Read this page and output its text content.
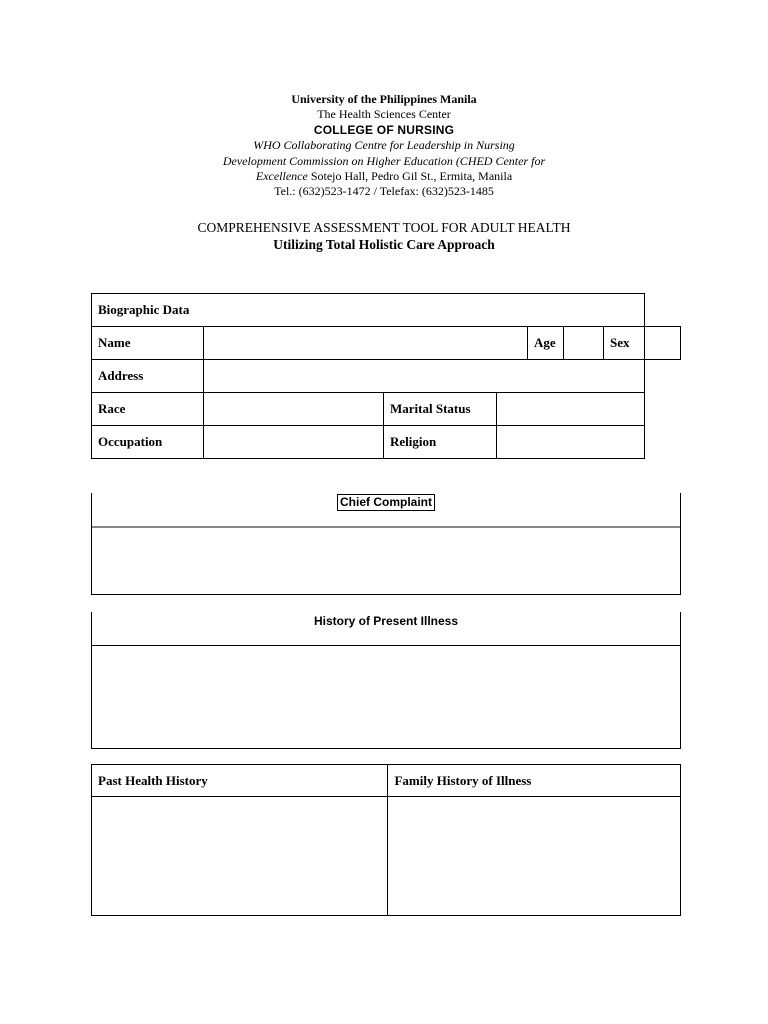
University of the Philippines Manila
The Health Sciences Center
COLLEGE OF NURSING
WHO Collaborating Centre for Leadership in Nursing
Development Commission on Higher Education (CHED Center for
Excellence Sotejo Hall, Pedro Gil St., Ermita, Manila
Tel.: (632)523-1472 / Telefax: (632)523-1485
COMPREHENSIVE ASSESSMENT TOOL FOR ADULT HEALTH
Utilizing Total Holistic Care Approach
Biographic Data							
Name				Age		Sex	
Address							
Race		Marital Status					
Occupation		Religion					
Chief Complaint
History of Present Illness
Past Health History	Family History of Illness
